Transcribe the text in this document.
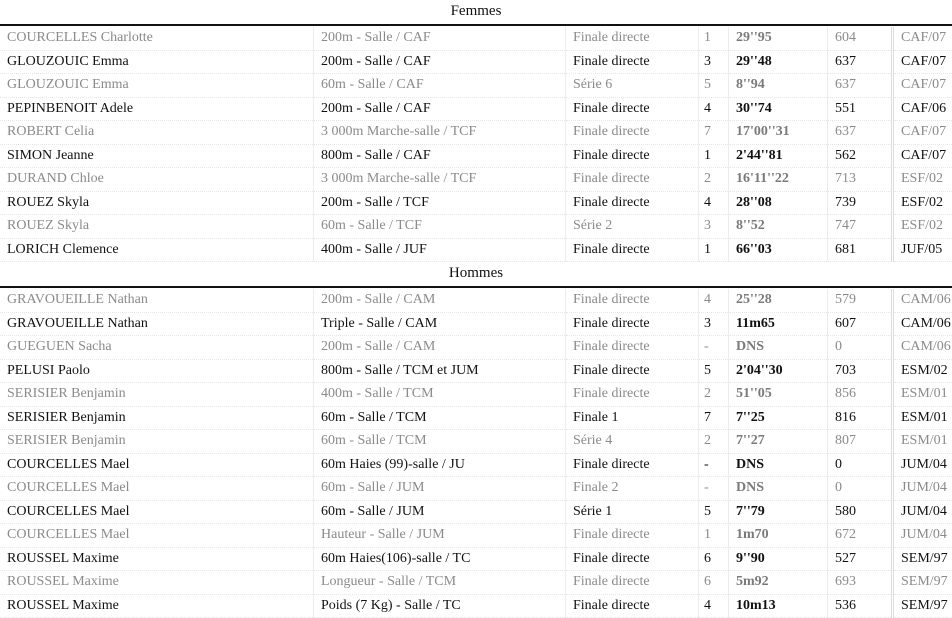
Femmes
COURCELLES Charlotte	200m - Salle / CAF	Finale directe	1	29''95	604	CAF/07
GLOUZOUIC Emma	200m - Salle / CAF	Finale directe	3	29''48	637	CAF/07
GLOUZOUIC Emma	60m - Salle / CAF	Série 6	5	8''94	637	CAF/07
PEPINBENOIT Adele	200m - Salle / CAF	Finale directe	4	30''74	551	CAF/06
ROBERT Celia	3 000m Marche-salle / TCF	Finale directe	7	17'00''31	637	CAF/07
SIMON Jeanne	800m - Salle / CAF	Finale directe	1	2'44''81	562	CAF/07
DURAND Chloe	3 000m Marche-salle / TCF	Finale directe	2	16'11''22	713	ESF/02
ROUEZ Skyla	200m - Salle / TCF	Finale directe	4	28''08	739	ESF/02
ROUEZ Skyla	60m - Salle / TCF	Série 2	3	8''52	747	ESF/02
LORICH Clemence	400m - Salle / JUF	Finale directe	1	66''03	681	JUF/05
Hommes
GRAVOUEILLE Nathan	200m - Salle / CAM	Finale directe	4	25''28	579	CAM/06
GRAVOUEILLE Nathan	Triple - Salle / CAM	Finale directe	3	11m65	607	CAM/06
GUEGUEN Sacha	200m - Salle / CAM	Finale directe	-	DNS	0	CAM/06
PELUSI Paolo	800m - Salle / TCM et JUM	Finale directe	5	2'04''30	703	ESM/02
SERISIER Benjamin	400m - Salle / TCM	Finale directe	2	51''05	856	ESM/01
SERISIER Benjamin	60m - Salle / TCM	Finale 1	7	7''25	816	ESM/01
SERISIER Benjamin	60m - Salle / TCM	Série 4	2	7''27	807	ESM/01
COURCELLES Mael	60m Haies (99)-salle / JU	Finale directe	-	DNS	0	JUM/04
COURCELLES Mael	60m - Salle / JUM	Finale 2	-	DNS	0	JUM/04
COURCELLES Mael	60m - Salle / JUM	Série 1	5	7''79	580	JUM/04
COURCELLES Mael	Hauteur - Salle / JUM	Finale directe	1	1m70	672	JUM/04
ROUSSEL Maxime	60m Haies(106)-salle / TC	Finale directe	6	9''90	527	SEM/97
ROUSSEL Maxime	Longueur - Salle / TCM	Finale directe	6	5m92	693	SEM/97
ROUSSEL Maxime	Poids (7 Kg) - Salle / TC	Finale directe	4	10m13	536	SEM/97
